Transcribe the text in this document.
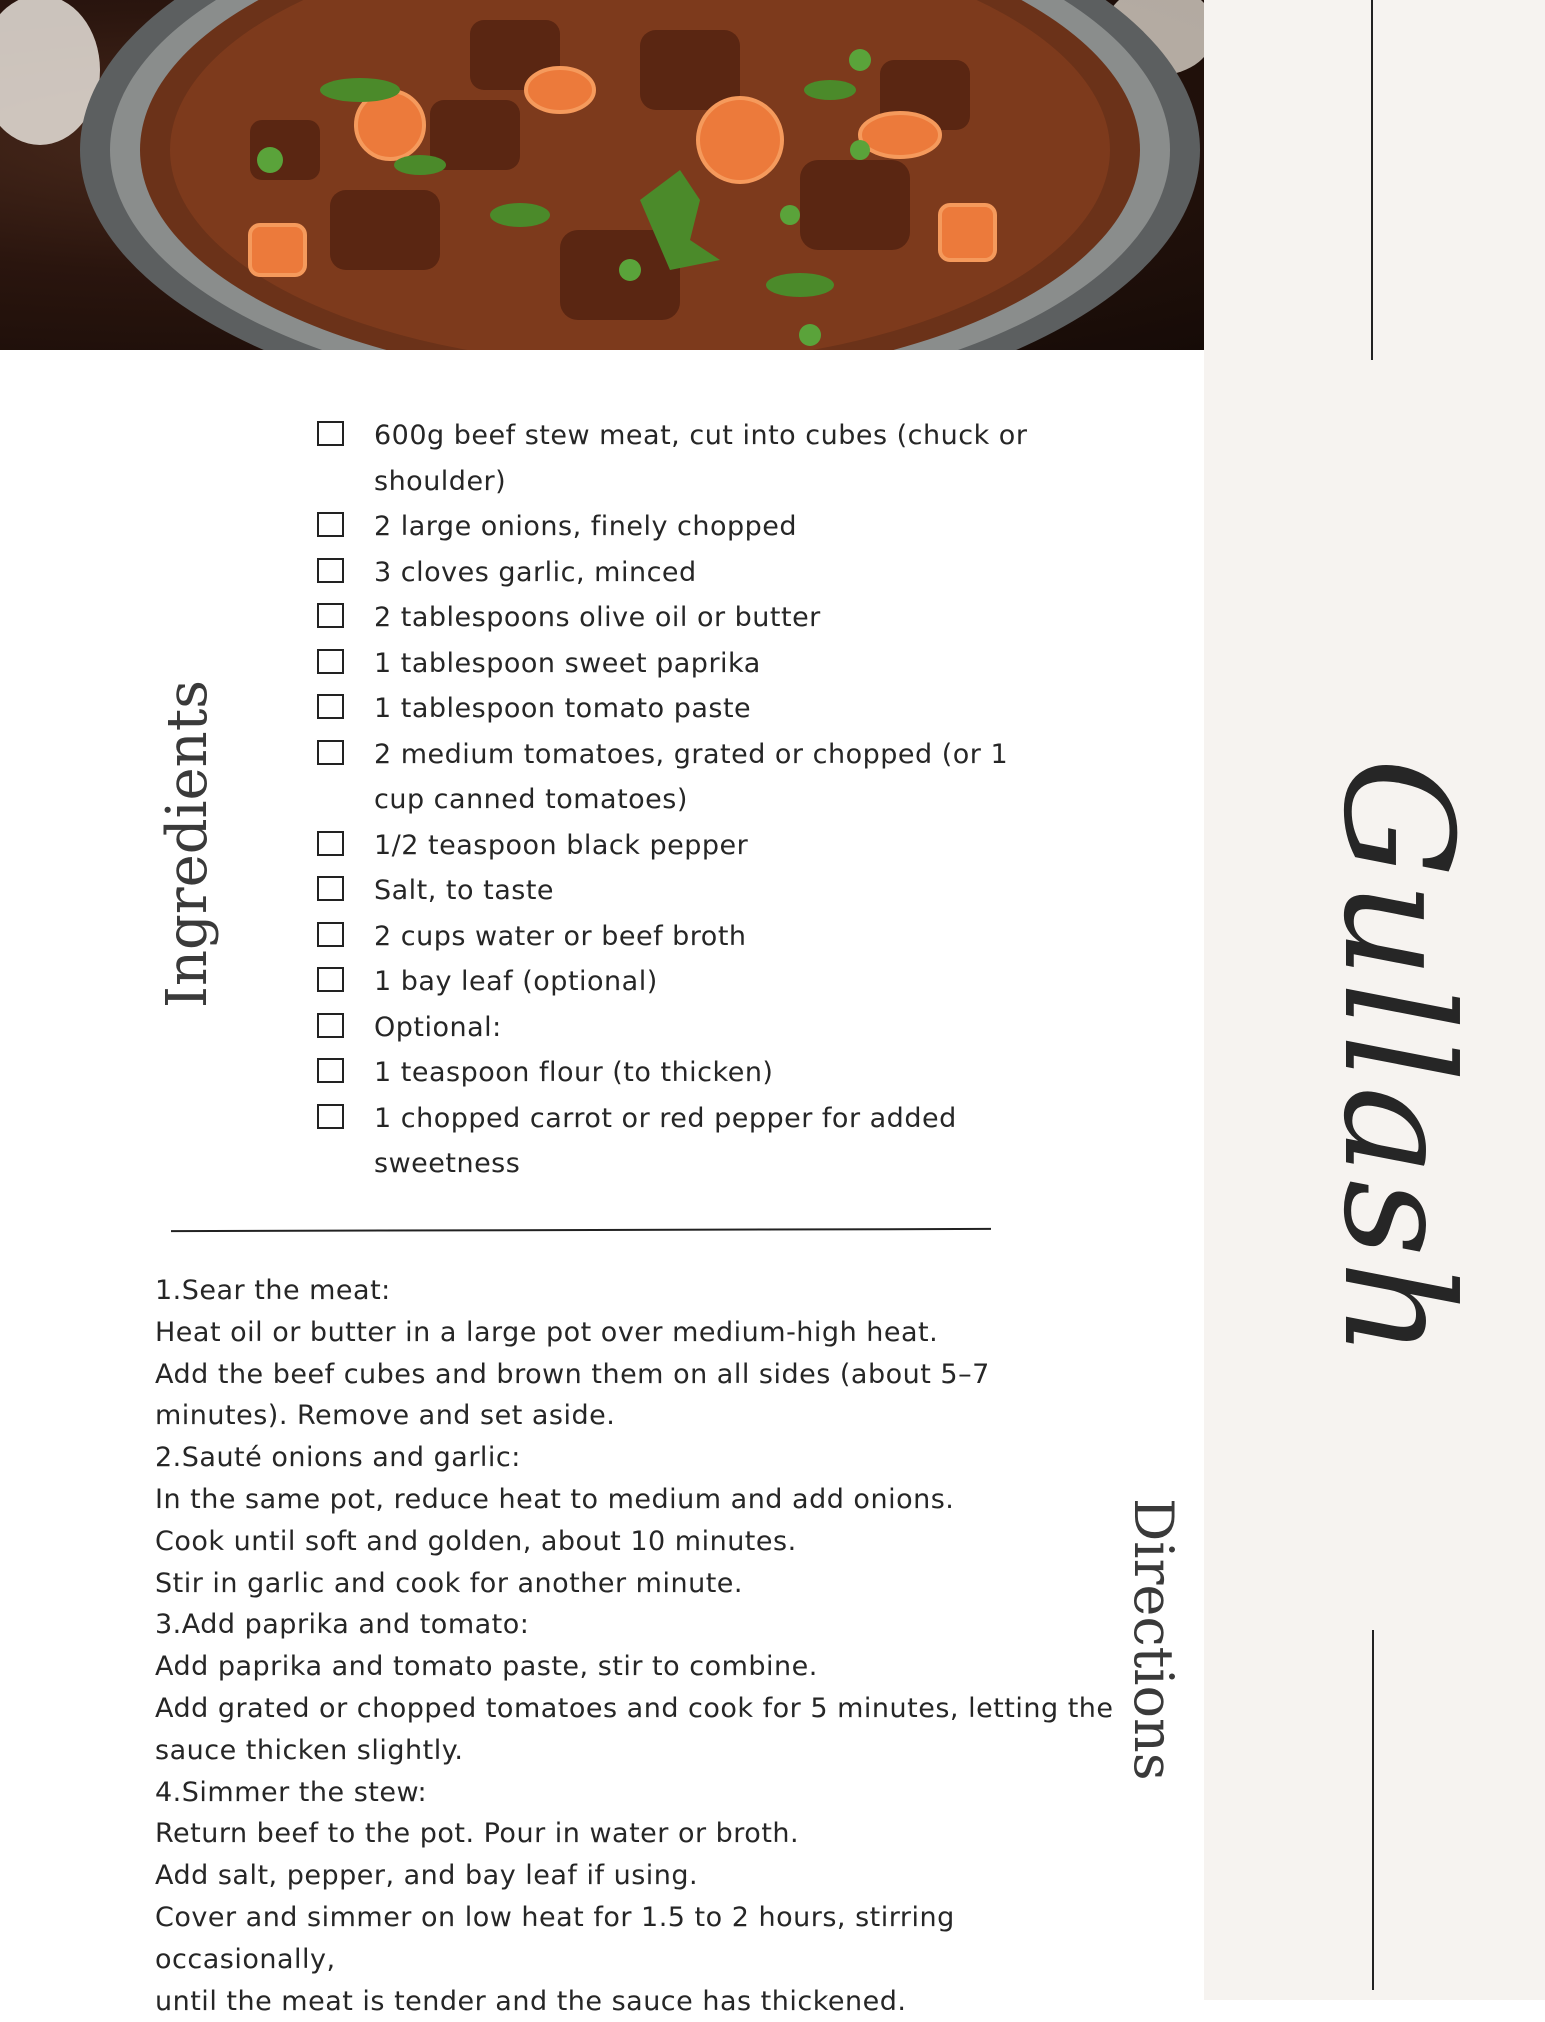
Gullash
Ingredients
Directions
600g beef stew meat, cut into cubes (chuck or shoulder)
2 large onions, finely chopped
3 cloves garlic, minced
2 tablespoons olive oil or butter
1 tablespoon sweet paprika
1 tablespoon tomato paste
2 medium tomatoes, grated or chopped (or 1 cup canned tomatoes)
1/2 teaspoon black pepper
Salt, to taste
2 cups water or beef broth
1 bay leaf (optional)
Optional:
1 teaspoon flour (to thicken)
1 chopped carrot or red pepper for added sweetness
1.Sear the meat:
Heat oil or butter in a large pot over medium-high heat.
Add the beef cubes and brown them on all sides (about 5–7
minutes). Remove and set aside.
2.Sauté onions and garlic:
In the same pot, reduce heat to medium and add onions.
Cook until soft and golden, about 10 minutes.
Stir in garlic and cook for another minute.
3.Add paprika and tomato:
Add paprika and tomato paste, stir to combine.
Add grated or chopped tomatoes and cook for 5 minutes, letting the
sauce thicken slightly.
4.Simmer the stew:
Return beef to the pot. Pour in water or broth.
Add salt, pepper, and bay leaf if using.
Cover and simmer on low heat for 1.5 to 2 hours, stirring occasionally,
until the meat is tender and the sauce has thickened.
